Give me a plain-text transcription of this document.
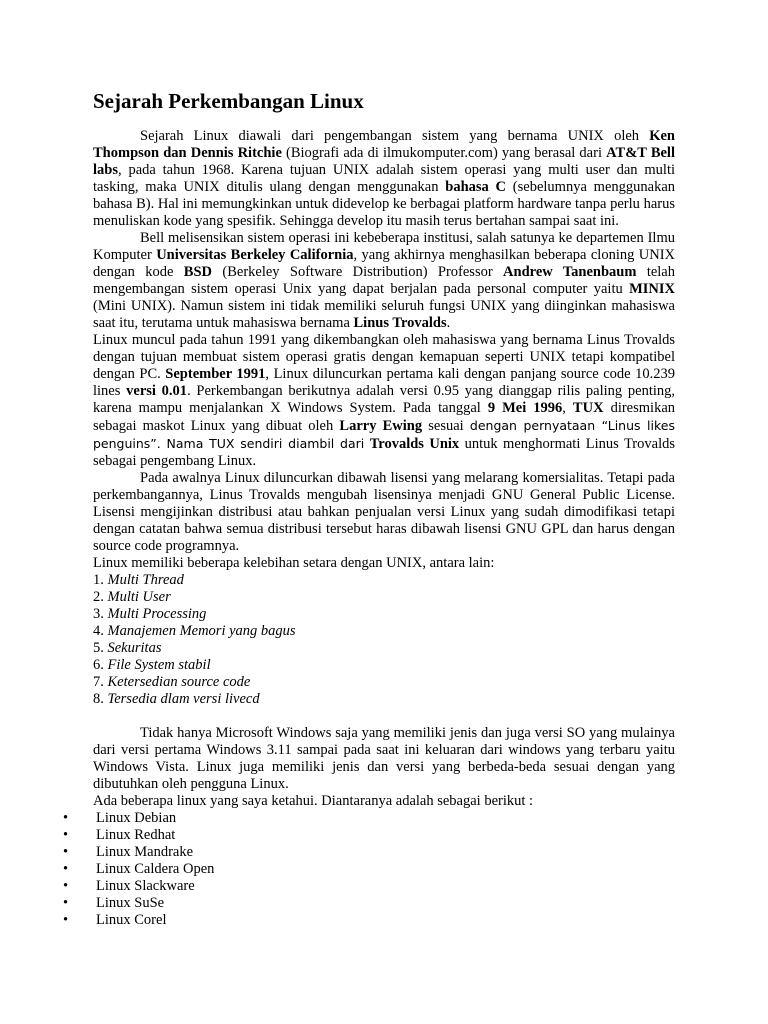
Sejarah Perkembangan Linux

Sejarah Linux diawali dari pengembangan sistem yang bernama UNIX oleh Ken Thompson dan Dennis Ritchie (Biografi ada di ilmukomputer.com) yang berasal dari AT&T Bell labs, pada tahun 1968. Karena tujuan UNIX adalah sistem operasi yang multi user dan multi tasking, maka UNIX ditulis ulang dengan menggunakan bahasa C (sebelumnya menggunakan bahasa B). Hal ini memungkinkan untuk didevelop ke berbagai platform hardware tanpa perlu harus menuliskan kode yang spesifik. Sehingga develop itu masih terus bertahan sampai saat ini.

Bell melisensikan sistem operasi ini kebeberapa institusi, salah satunya ke departemen Ilmu Komputer Universitas Berkeley California, yang akhirnya menghasilkan beberapa cloning UNIX dengan kode BSD (Berkeley Software Distribution) Professor Andrew Tanenbaum telah mengembangan sistem operasi Unix yang dapat berjalan pada personal computer yaitu MINIX (Mini UNIX). Namun sistem ini tidak memiliki seluruh fungsi UNIX yang diinginkan mahasiswa saat itu, terutama untuk mahasiswa bernama Linus Trovalds.

Linux muncul pada tahun 1991 yang dikembangkan oleh mahasiswa yang bernama Linus Trovalds dengan tujuan membuat sistem operasi gratis dengan kemapuan seperti UNIX tetapi kompatibel dengan PC. September 1991, Linux diluncurkan pertama kali dengan panjang source code 10.239 lines versi 0.01. Perkembangan berikutnya adalah versi 0.95 yang dianggap rilis paling penting, karena mampu menjalankan X Windows System. Pada tanggal 9 Mei 1996, TUX diresmikan sebagai maskot Linux yang dibuat oleh Larry Ewing sesuai dengan pernyataan “Linus likes penguins”. Nama TUX sendiri diambil dari Trovalds Unix untuk menghormati Linus Trovalds sebagai pengembang Linux.

Pada awalnya Linux diluncurkan dibawah lisensi yang melarang komersialitas. Tetapi pada perkembangannya, Linus Trovalds mengubah lisensinya menjadi GNU General Public License. Lisensi mengijinkan distribusi atau bahkan penjualan versi Linux yang sudah dimodifikasi tetapi dengan catatan bahwa semua distribusi tersebut haras dibawah lisensi GNU GPL dan harus dengan source code programnya.

Linux memiliki beberapa kelebihan setara dengan UNIX, antara lain:

1. Multi Thread
2. Multi User
3. Multi Processing
4. Manajemen Memori yang bagus
5. Sekuritas
6. File System stabil
7. Ketersedian source code
8. Tersedia dlam versi livecd

Tidak hanya Microsoft Windows saja yang memiliki jenis dan juga versi SO yang mulainya dari versi pertama Windows 3.11 sampai pada saat ini keluaran dari windows yang terbaru yaitu Windows Vista. Linux juga memiliki jenis dan versi yang berbeda-beda sesuai dengan yang dibutuhkan oleh pengguna Linux.

Ada beberapa linux yang saya ketahui. Diantaranya adalah sebagai berikut :

• Linux Debian
• Linux Redhat
• Linux Mandrake
• Linux Caldera Open
• Linux Slackware
• Linux SuSe
• Linux Corel
